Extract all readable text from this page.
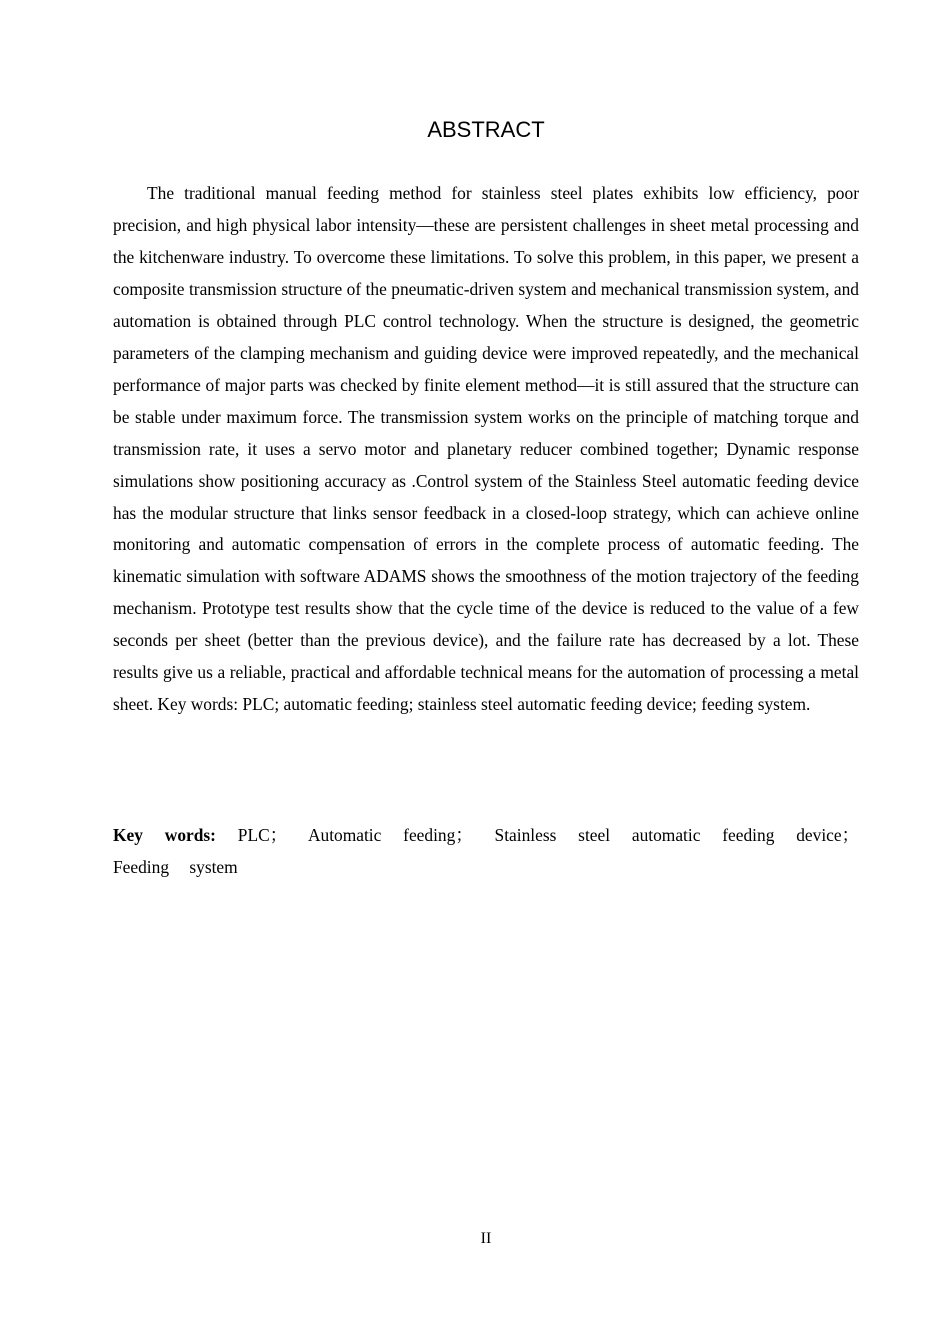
ABSTRACT

The traditional manual feeding method for stainless steel plates exhibits low efficiency, poor precision, and high physical labor intensity—these are persistent challenges in sheet metal processing and the kitchenware industry. To overcome these limitations. To solve this problem, in this paper, we present a composite transmission structure of the pneumatic-driven system and mechanical transmission system, and automation is obtained through PLC control technology. When the structure is designed, the geometric parameters of the clamping mechanism and guiding device were improved repeatedly, and the mechanical performance of major parts was checked by finite element method—it is still assured that the structure can be stable under maximum force. The transmission system works on the principle of matching torque and transmission rate, it uses a servo motor and planetary reducer combined together; Dynamic response simulations show positioning accuracy as .Control system of the Stainless Steel automatic feeding device has the modular structure that links sensor feedback in a closed-loop strategy, which can achieve online monitoring and automatic compensation of errors in the complete process of automatic feeding. The kinematic simulation with software ADAMS shows the smoothness of the motion trajectory of the feeding mechanism. Prototype test results show that the cycle time of the device is reduced to the value of a few seconds per sheet (better than the previous device), and the failure rate has decreased by a lot. These results give us a reliable, practical and affordable technical means for the automation of processing a metal sheet. Key words: PLC; automatic feeding; stainless steel automatic feeding device; feeding system.

Key words: PLC； Automatic feeding； Stainless steel automatic feeding device； Feeding system

II
